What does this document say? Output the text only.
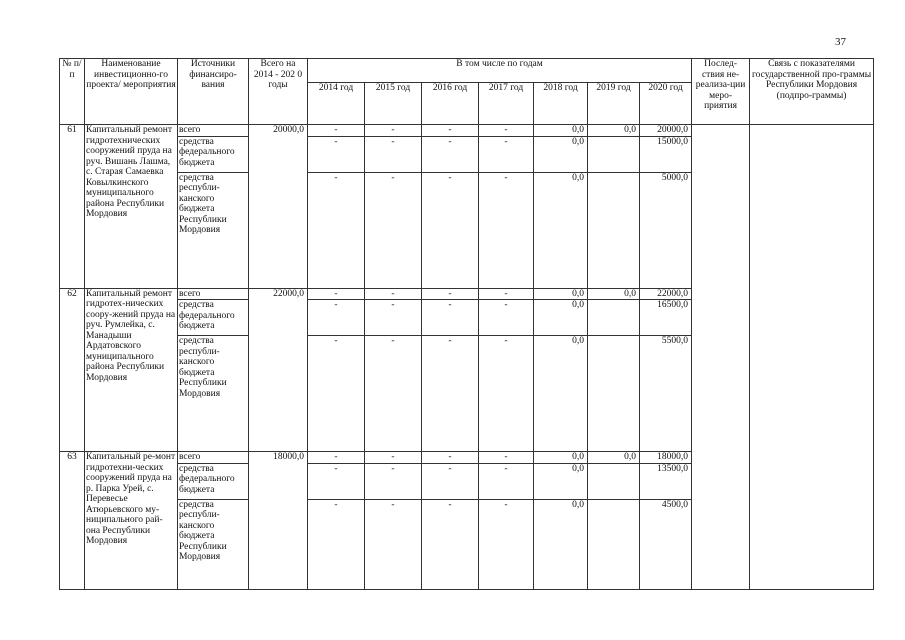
37
№ п/п	Наименование инвестиционно-го проекта/ мероприятия	Источники финансиро-вания	Всего на 2014 - 202 0 годы	В том числе по годам							Послед-ствия не-реализа-ции меро-приятия	Связь с показателями государственной про-граммы Республики Мордовия (подпро-граммы)
				2014 год	2015 год	2016 год	2017 год	2018 год	2019 год	2020 год		
61	Капитальный ремонт гидротехнических сооружений пруда на руч. Вишань Лашма, с. Старая Самаевка Ковылкинского муниципального района Республики Мордовия	всего	20000,0	-	-	-	-	0,0	0,0	20000,0		
		средства федерального бюджета		-	-	-	-	0,0		15000,0		
		средства республи-канского бюджета Республики Мордовия		-	-	-	-	0,0		5000,0		
62	Капитальный ремонт гидротех-нических соору-жений пруда на руч. Румлейка, с. Манадыши Ардатовского муниципального района Республики Мордовия	всего	22000,0	-	-	-	-	0,0	0,0	22000,0		
		средства федерального бюджета		-	-	-	-	0,0		16500,0		
		средства республи-канского бюджета Республики Мордовия		-	-	-	-	0,0		5500,0		
63	Капитальный ре-монт гидротехни-ческих сооружений пруда на р. Парка Урей, с. Перевесье Атюрьевского му-ниципального рай-она Республики Мордовия	всего	18000,0	-	-	-	-	0,0	0,0	18000,0		
		средства федерального бюджета		-	-	-	-	0,0		13500,0		
		средства республи-канского бюджета Республики Мордовия		-	-	-	-	0,0		4500,0		
